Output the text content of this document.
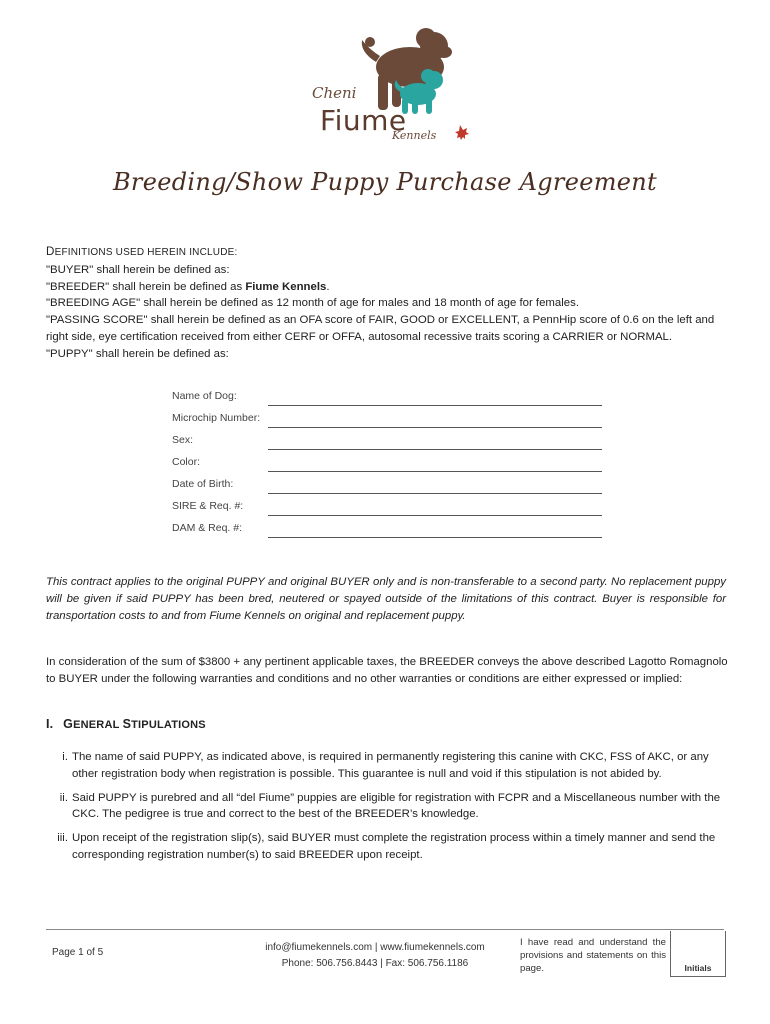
Cheni
Fiume
Kennels
Breeding/Show Puppy Purchase Agreement
DEFINITIONS USED HEREIN INCLUDE:

"BUYER" shall herein be defined as:

"BREEDER" shall herein be defined as Fiume Kennels.

"BREEDING AGE" shall herein be defined as 12 month of age for males and 18 month of age for females.

"PASSING SCORE" shall herein be defined as an OFA score of FAIR, GOOD or EXCELLENT, a PennHip score of 0.6 on the left and right side, eye certification received from either CERF or OFFA, autosomal recessive traits scoring a CARRIER or NORMAL.

"PUPPY" shall herein be defined as:

Name of Dog:
Microchip Number:
Sex:
Color:
Date of Birth:
SIRE & Req. #:
DAM & Req. #:
This contract applies to the original PUPPY and original BUYER only and is non-transferable to a second party. No replacement puppy will be given if said PUPPY has been bred, neutered or spayed outside of the limitations of this contract. Buyer is responsible for transportation costs to and from Fiume Kennels on original and replacement puppy.
In consideration of the sum of $3800 + any pertinent applicable taxes, the BREEDER conveys the above described Lagotto Romagnolo to BUYER under the following warranties and conditions and no other warranties or conditions are either expressed or implied:
I. GENERAL STIPULATIONS
i. The name of said PUPPY, as indicated above, is required in permanently registering this canine with CKC, FSS of AKC, or any other registration body when registration is possible. This guarantee is null and void if this stipulation is not abided by.
ii. Said PUPPY is purebred and all “del Fiume” puppies are eligible for registration with FCPR and a Miscellaneous number with the CKC. The pedigree is true and correct to the best of the BREEDER’s knowledge.
iii. Upon receipt of the registration slip(s), said BUYER must complete the registration process within a timely manner and send the corresponding registration number(s) to said BREEDER upon receipt.
Page 1 of 5	info@fiumekennels.com | www.fiumekennels.com
Phone: 506.756.8443 | Fax: 506.756.1186
I have read and understand the provisions and statements on this page.	Initials
